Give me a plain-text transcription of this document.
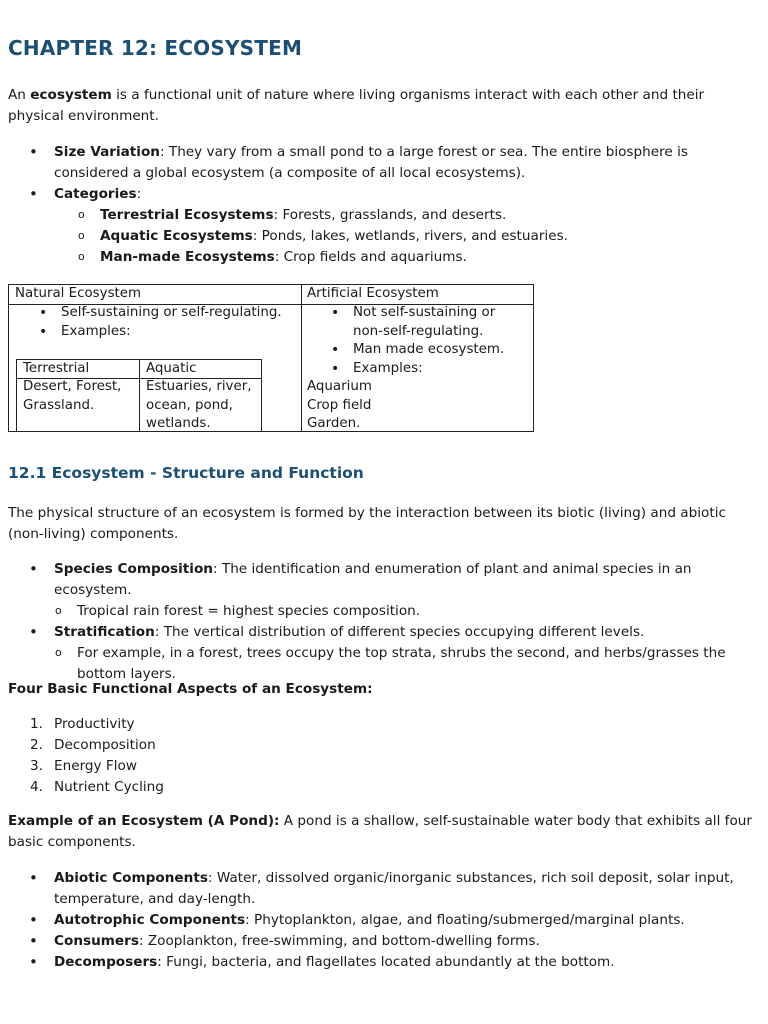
CHAPTER 12: ECOSYSTEM

An ecosystem is a functional unit of nature where living organisms interact with each other and their physical environment.

• Size Variation: They vary from a small pond to a large forest or sea. The entire biosphere is considered a global ecosystem (a composite of all local ecosystems).
• Categories:
o Terrestrial Ecosystems: Forests, grasslands, and deserts.
o Aquatic Ecosystems: Ponds, lakes, wetlands, rivers, and estuaries.
o Man-made Ecosystems: Crop fields and aquariums.
Natural Ecosystem	Artificial Ecosystem
• Self-sustaining or self-regulating.
• Examples:
Terrestrial	Aquatic
Desert, Forest,
Grassland.
Estuaries, river,
ocean, pond,
wetlands.
• Not self-sustaining or
non-self-regulating.
• Man made ecosystem.
• Examples:
Aquarium
Crop field
Garden.
12.1 Ecosystem - Structure and Function

The physical structure of an ecosystem is formed by the interaction between its biotic (living) and abiotic (non-living) components.

• Species Composition: The identification and enumeration of plant and animal species in an ecosystem.
o Tropical rain forest = highest species composition.
• Stratification: The vertical distribution of different species occupying different levels.
o For example, in a forest, trees occupy the top strata, shrubs the second, and herbs/grasses the bottom layers.

Four Basic Functional Aspects of an Ecosystem:

1. Productivity
2. Decomposition
3. Energy Flow
4. Nutrient Cycling

Example of an Ecosystem (A Pond): A pond is a shallow, self-sustainable water body that exhibits all four basic components.

• Abiotic Components: Water, dissolved organic/inorganic substances, rich soil deposit, solar input, temperature, and day-length.
• Autotrophic Components: Phytoplankton, algae, and floating/submerged/marginal plants.
• Consumers: Zooplankton, free-swimming, and bottom-dwelling forms.
• Decomposers: Fungi, bacteria, and flagellates located abundantly at the bottom.
